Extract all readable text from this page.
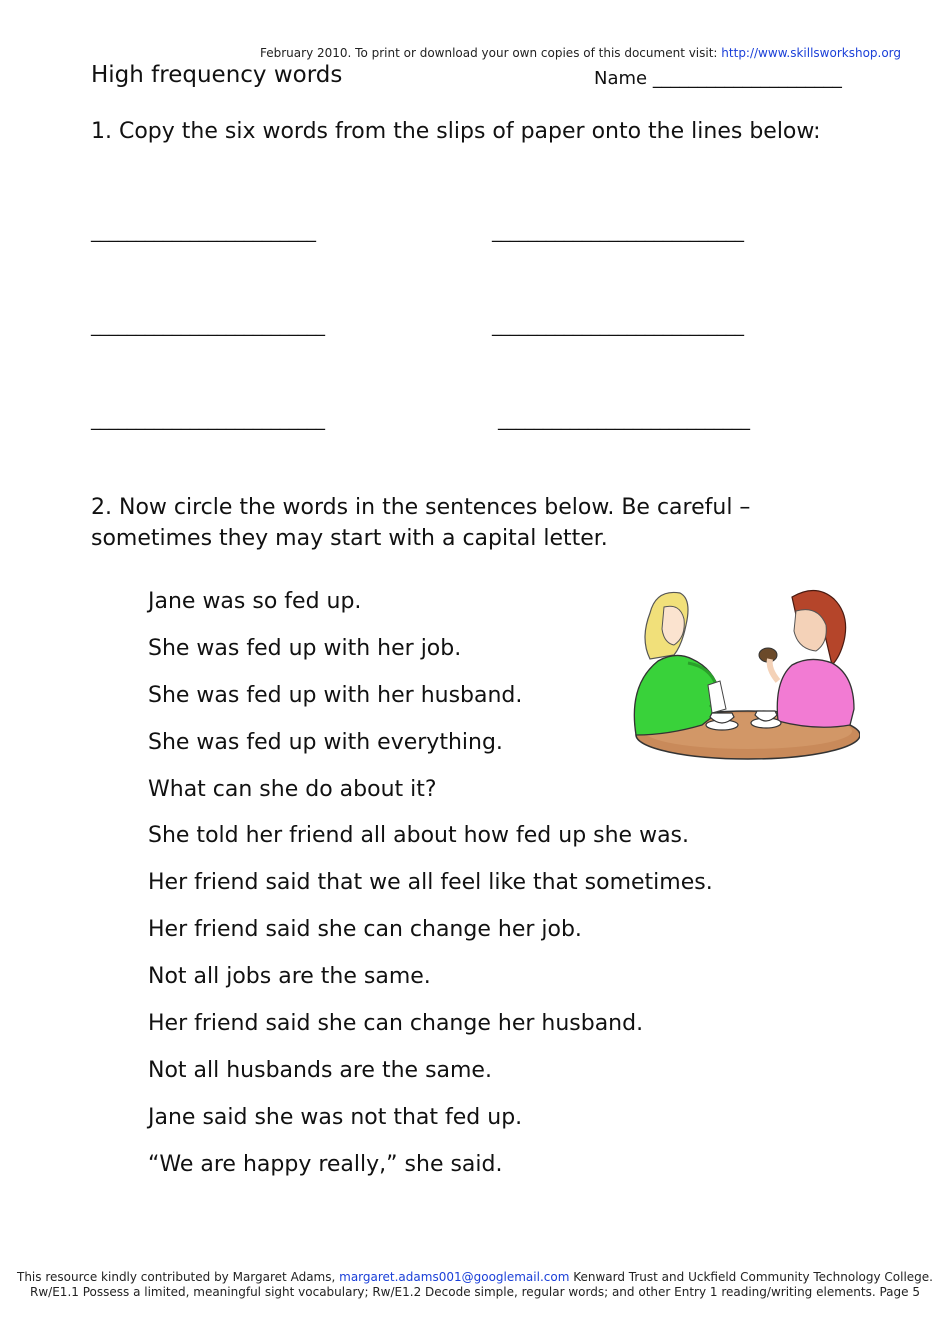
February 2010. To print or download your own copies of this document visit: http://www.skillsworkshop.org
High frequency words	Name _____________________
1. Copy the six words from the slips of paper onto the lines below:
_________________________	____________________________
__________________________	____________________________
__________________________	____________________________
2. Now circle the words in the sentences below. Be careful – sometimes they may start with a capital letter.
Jane was so fed up.
She was fed up with her job.
She was fed up with her husband.
She was fed up with everything.
What can she do about it?
She told her friend all about how fed up she was.
Her friend said that we all feel like that sometimes.
Her friend said she can change her job.
Not all jobs are the same.
Her friend said she can change her husband.
Not all husbands are the same.
Jane said she was not that fed up.
“We are happy really,” she said.
This resource kindly contributed by Margaret Adams, margaret.adams001@googlemail.com Kenward Trust and Uckfield Community Technology College.
Rw/E1.1 Possess a limited, meaningful sight vocabulary; Rw/E1.2 Decode simple, regular words; and other Entry 1 reading/writing elements. Page 5
